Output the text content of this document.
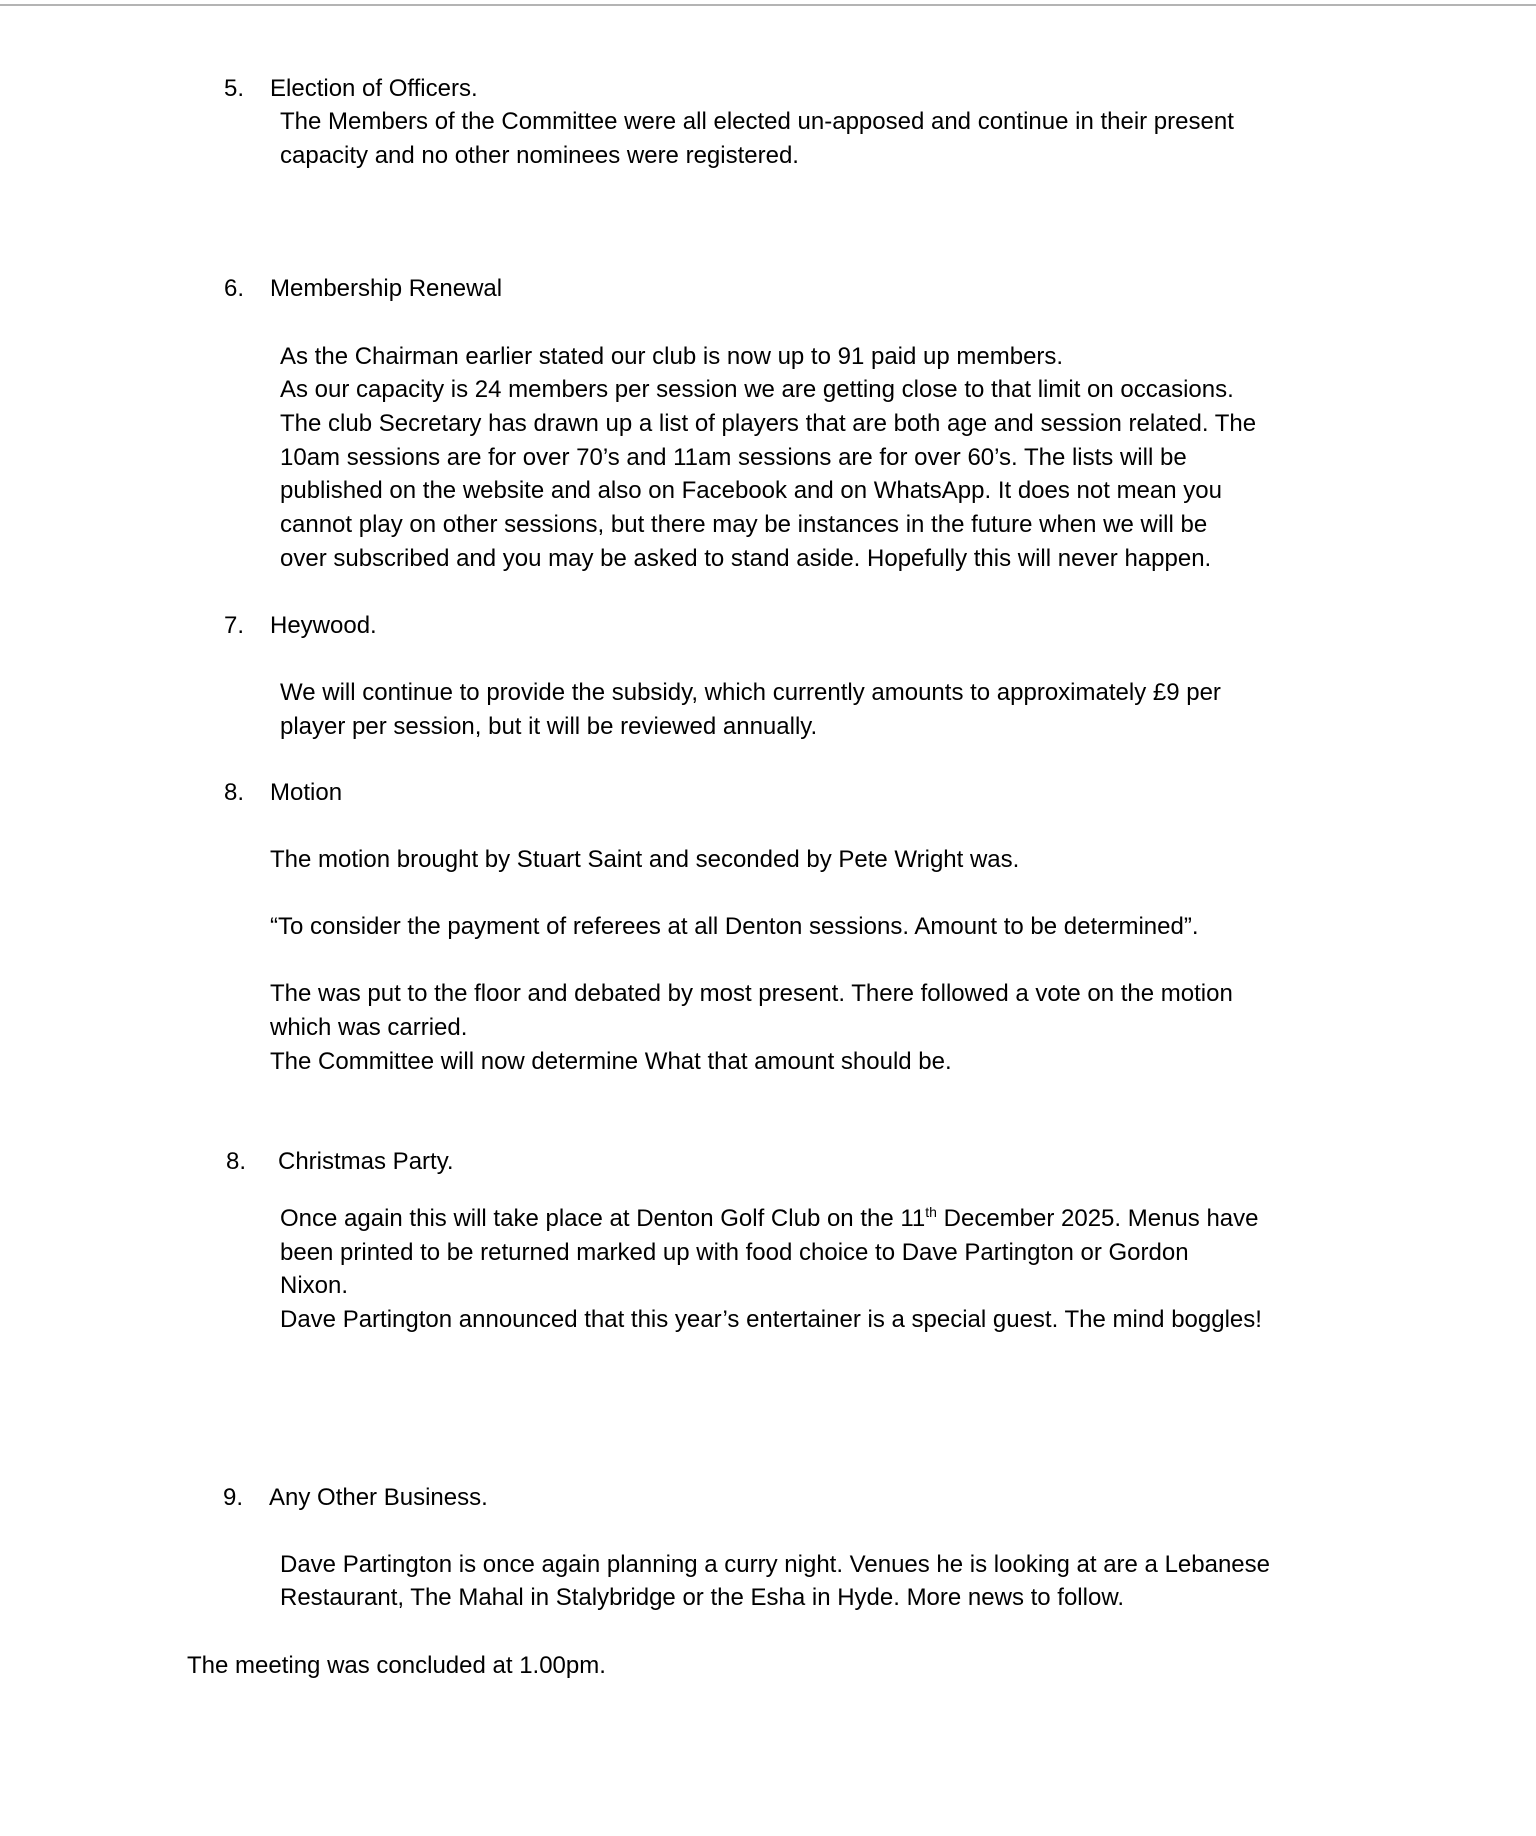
5. Election of Officers.
The Members of the Committee were all elected un-apposed and continue in their present
capacity and no other nominees were registered.
6. Membership Renewal
As the Chairman earlier stated our club is now up to 91 paid up members.
As our capacity is 24 members per session we are getting close to that limit on occasions.
The club Secretary has drawn up a list of players that are both age and session related. The
10am sessions are for over 70’s and 11am sessions are for over 60’s. The lists will be
published on the website and also on Facebook and on WhatsApp. It does not mean you
cannot play on other sessions, but there may be instances in the future when we will be
over subscribed and you may be asked to stand aside. Hopefully this will never happen.
7. Heywood.
We will continue to provide the subsidy, which currently amounts to approximately £9 per
player per session, but it will be reviewed annually.
8. Motion
The motion brought by Stuart Saint and seconded by Pete Wright was.
“To consider the payment of referees at all Denton sessions. Amount to be determined”.
The was put to the floor and debated by most present. There followed a vote on the motion
which was carried.
The Committee will now determine What that amount should be.
8. Christmas Party.
Once again this will take place at Denton Golf Club on the 11th December 2025. Menus have
been printed to be returned marked up with food choice to Dave Partington or Gordon
Nixon.
Dave Partington announced that this year’s entertainer is a special guest. The mind boggles!
9. Any Other Business.
Dave Partington is once again planning a curry night. Venues he is looking at are a Lebanese
Restaurant, The Mahal in Stalybridge or the Esha in Hyde. More news to follow.
The meeting was concluded at 1.00pm.
